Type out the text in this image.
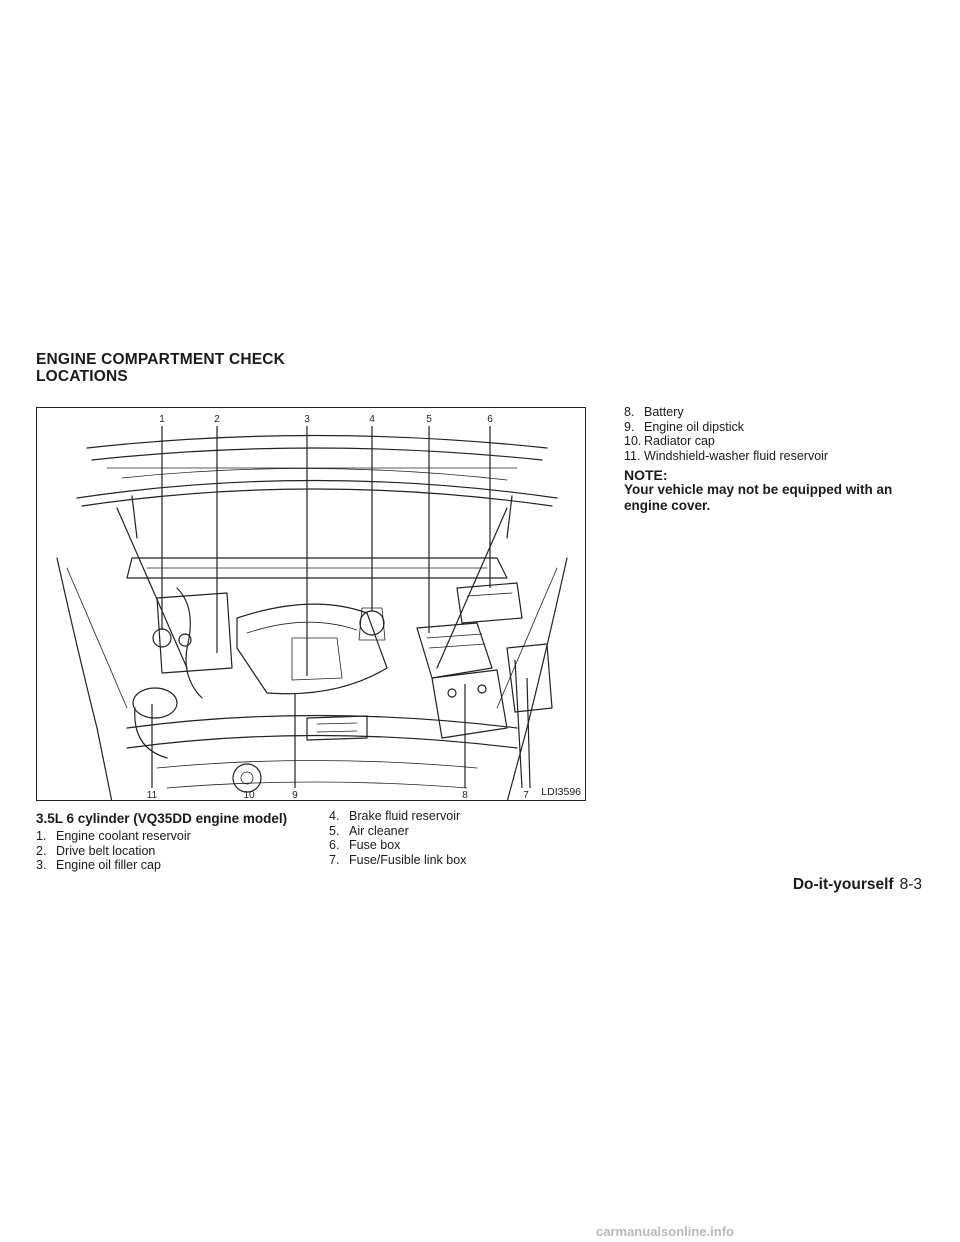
ENGINE COMPARTMENT CHECK LOCATIONS
1	2	3	4	5	6
11	10	9	8	7 LDI3596
3.5L 6 cylinder (VQ35DD engine model)
1. Engine coolant reservoir
2. Drive belt location
3. Engine oil filler cap
4. Brake fluid reservoir
5. Air cleaner
6. Fuse box
7. Fuse/Fusible link box
8. Battery
9. Engine oil dipstick
10. Radiator cap
11. Windshield-washer fluid reservoir
NOTE:
Your vehicle may not be equipped with an engine cover.
Do-it-yourself 8-3
carmanualsonline.info
